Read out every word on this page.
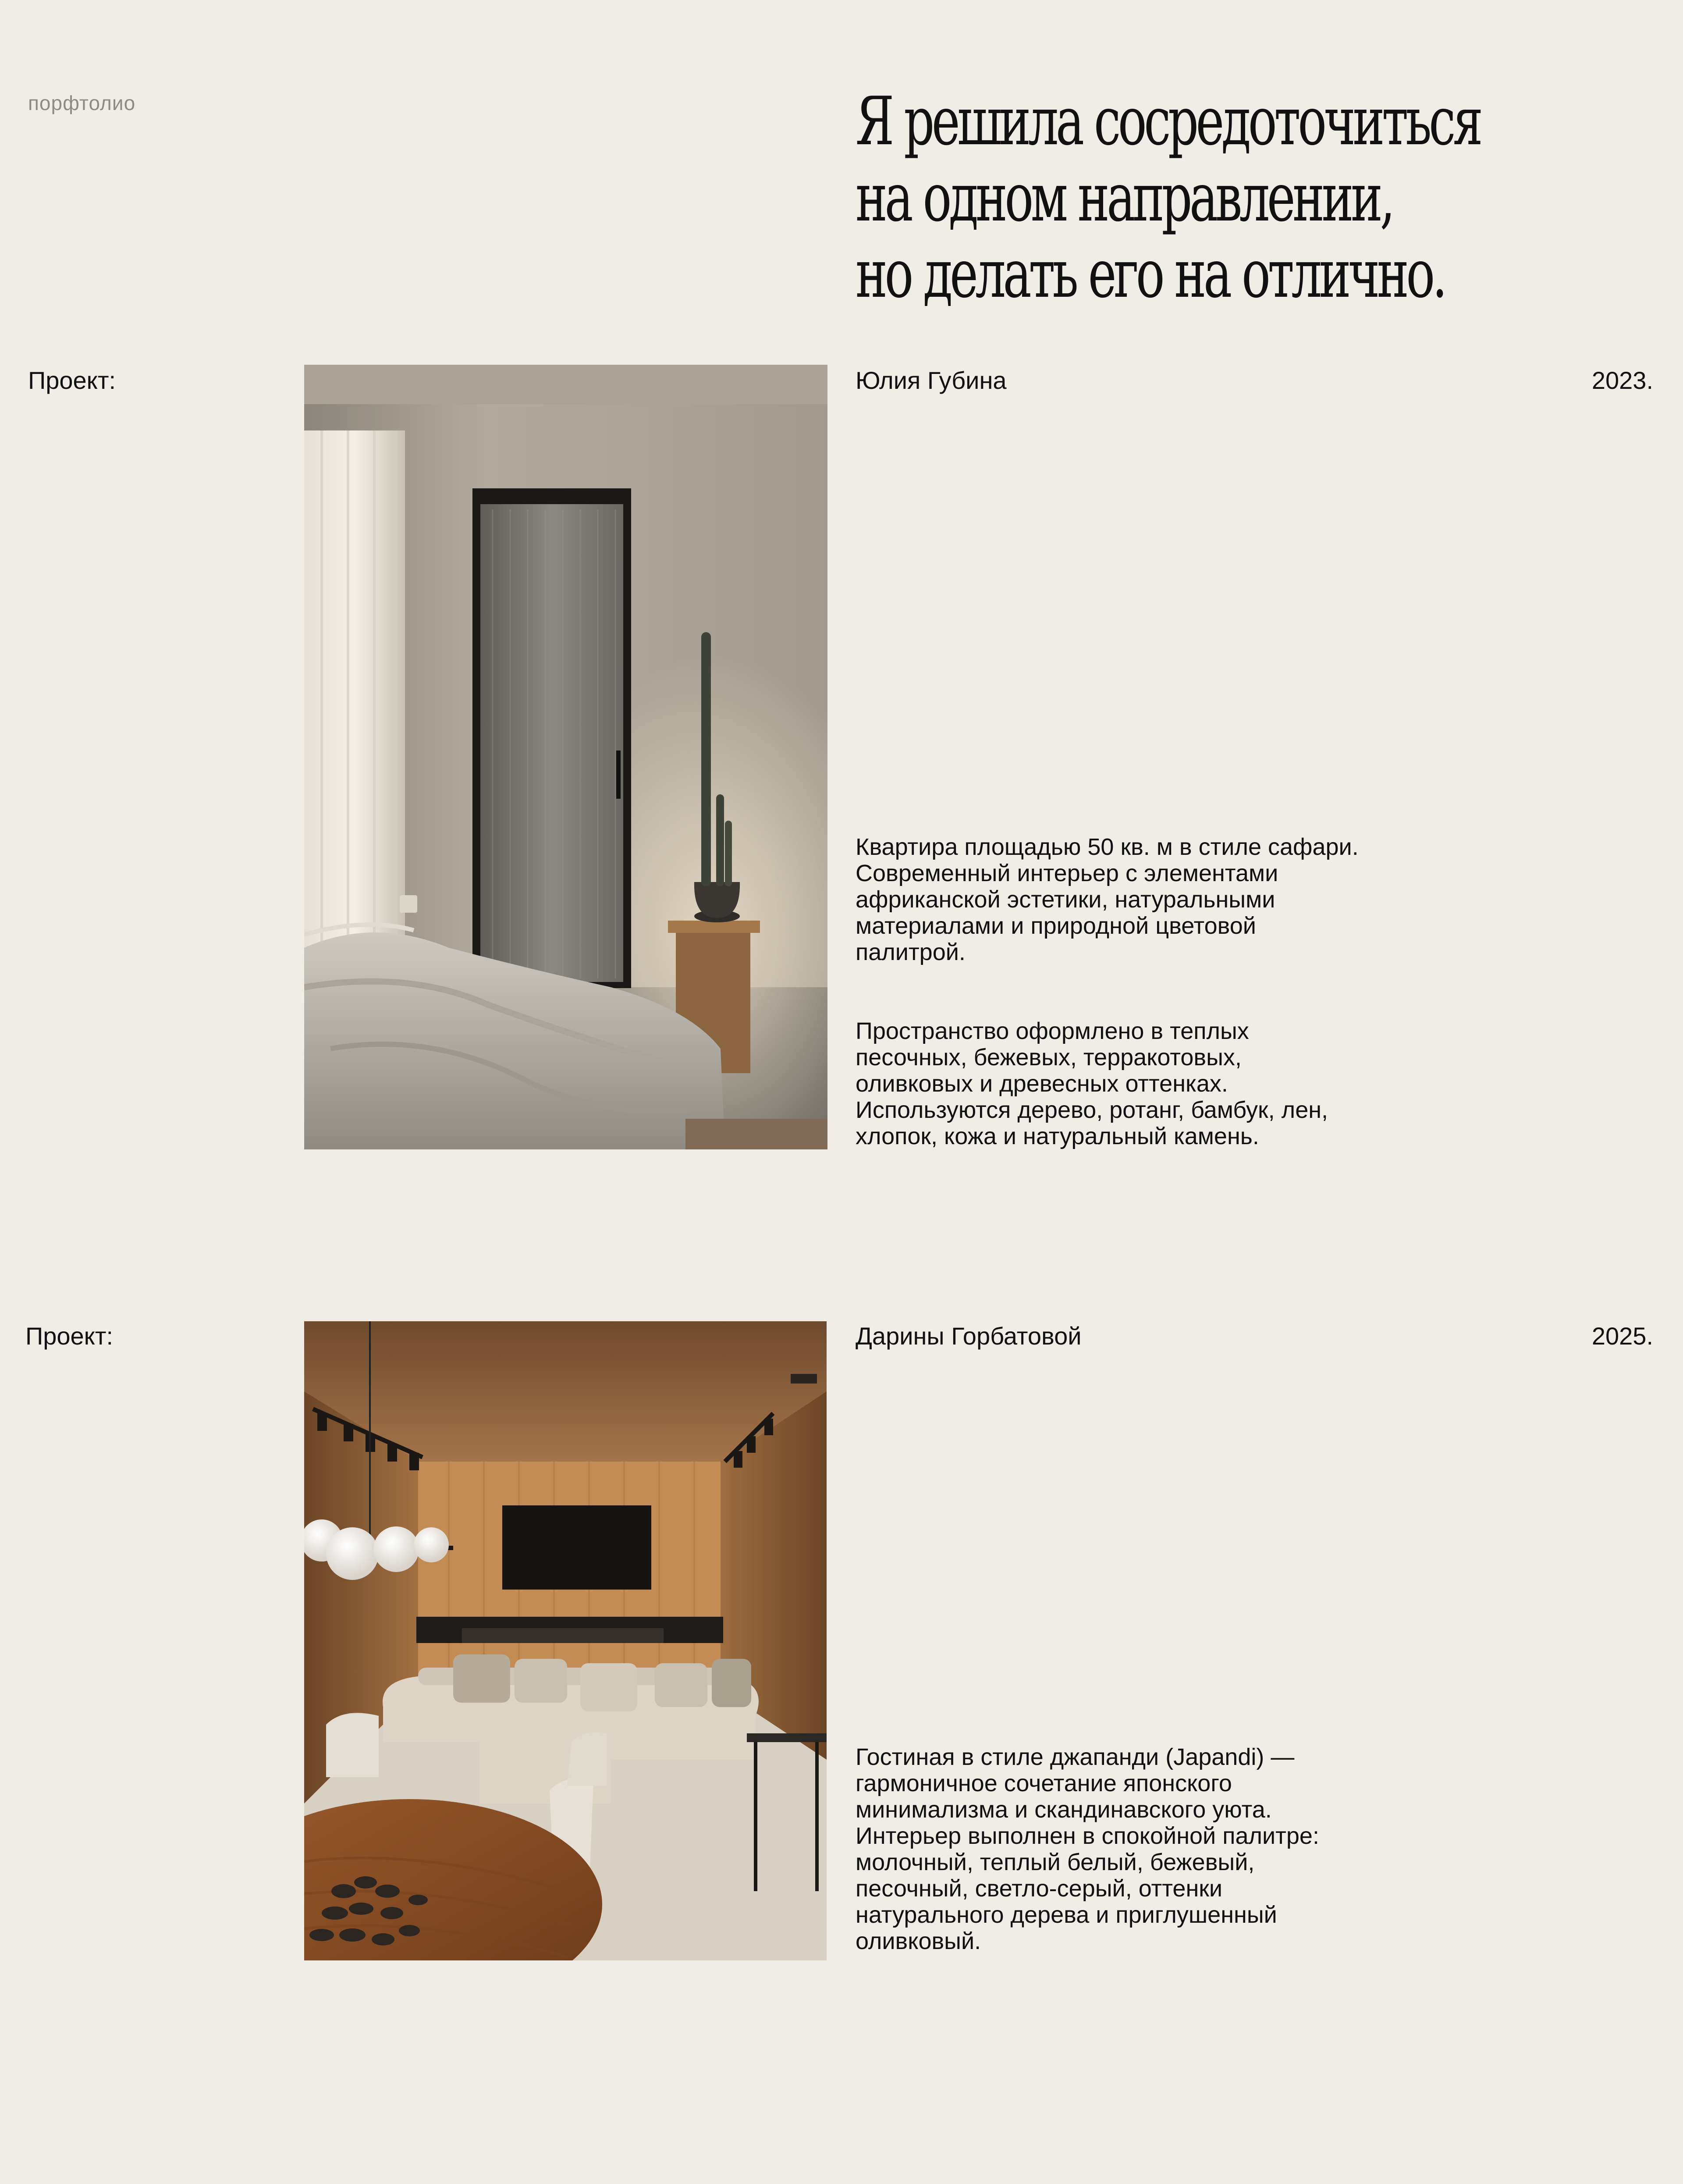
порфтолио	Я решила сосредоточиться
на одном направлении,
но делать его на отлично.
Проект:	Юлия Губина	2023.

Квартира площадью 50 кв. м в стиле сафари. Современный интерьер с элементами африканской эстетики, натуральными материалами и природной цветовой палитрой.

Пространство оформлено в теплых песочных, бежевых, терракотовых, оливковых и древесных оттенках. Используются дерево, ротанг, бамбук, лен, хлопок, кожа и натуральный камень.

Проект:	Дарины Горбатовой	2025.

Гостиная в стиле джапанди (Japandi) — гармоничное сочетание японского минимализма и скандинавского уюта. Интерьер выполнен в спокойной палитре: молочный, теплый белый, бежевый, песочный, светло-серый, оттенки натурального дерева и приглушенный оливковый.
